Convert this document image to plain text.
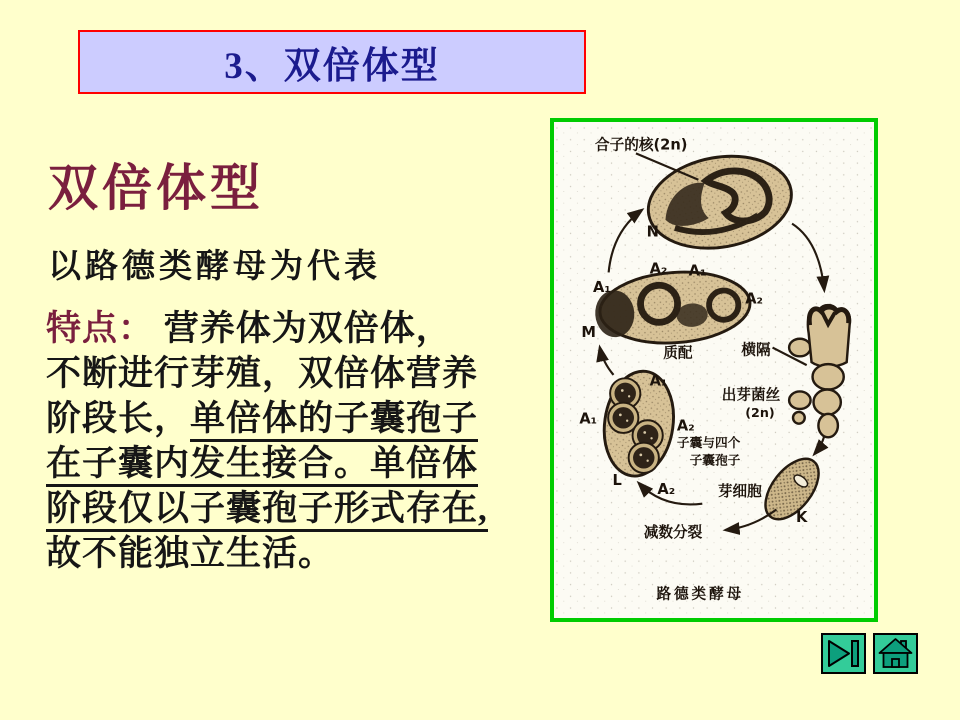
3、双倍体型
双倍体型
以路德类酵母为代表
特点： 营养体为双倍体，
不断进行芽殖，双倍体营养
阶段长，单倍体的子囊孢子
在子囊内发生接合。单倍体
阶段仅以子囊孢子形式存在,
故不能独立生活。
合子的核(2n)
N
A₂ A₁
A₁
A₂
M
质配	横隔
出芽菌丝
(2n)
芽细胞
K
减数分裂
A₁
A₁	A₂
L
A₂
子囊与四个
子囊孢子
路德类酵母
